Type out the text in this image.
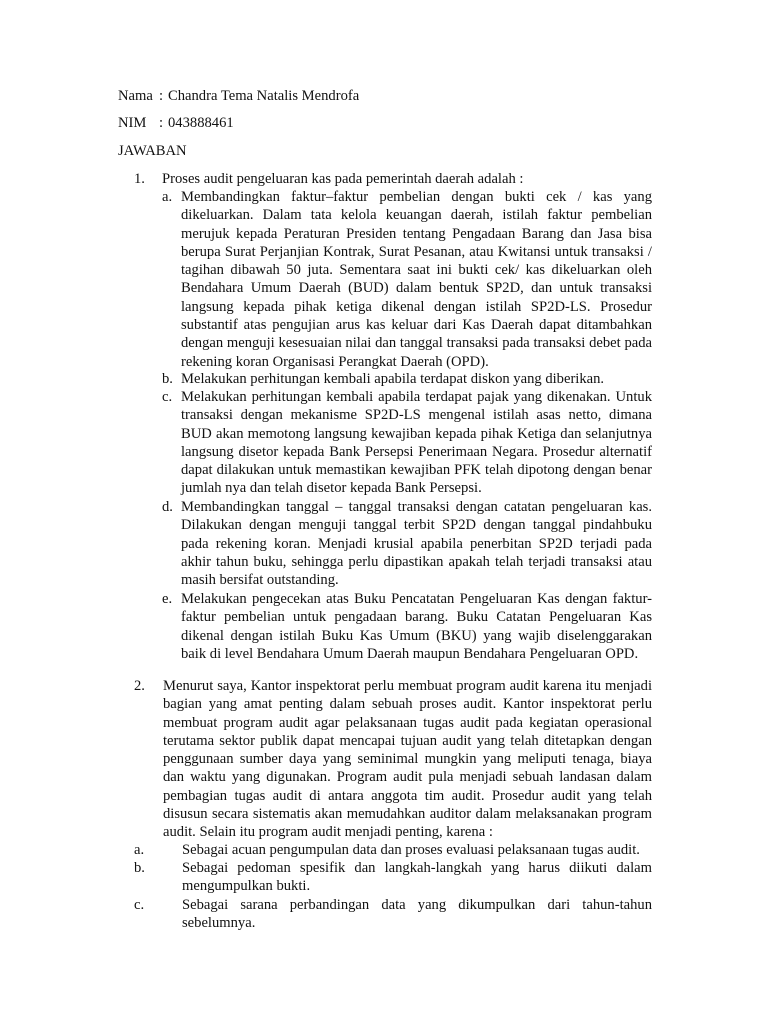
Nama : Chandra Tema Natalis Mendrofa
NIM : 043888461
JAWABAN
1.	Proses audit pengeluaran kas pada pemerintah daerah adalah :
a. Membandingkan faktur–faktur pembelian dengan bukti cek / kas yang dikeluarkan. Dalam tata kelola keuangan daerah, istilah faktur pembelian merujuk kepada Peraturan Presiden tentang Pengadaan Barang dan Jasa bisa berupa Surat Perjanjian Kontrak, Surat Pesanan, atau Kwitansi untuk transaksi / tagihan dibawah 50 juta. Sementara saat ini bukti cek/ kas dikeluarkan oleh Bendahara Umum Daerah (BUD) dalam bentuk SP2D, dan untuk transaksi langsung kepada pihak ketiga dikenal dengan istilah SP2D-LS. Prosedur substantif atas pengujian arus kas keluar dari Kas Daerah dapat ditambahkan dengan menguji kesesuaian nilai dan tanggal transaksi pada transaksi debet pada rekening koran Organisasi Perangkat Daerah (OPD).
b. Melakukan perhitungan kembali apabila terdapat diskon yang diberikan.
c. Melakukan perhitungan kembali apabila terdapat pajak yang dikenakan. Untuk transaksi dengan mekanisme SP2D-LS mengenal istilah asas netto, dimana BUD akan memotong langsung kewajiban kepada pihak Ketiga dan selanjutnya langsung disetor kepada Bank Persepsi Penerimaan Negara. Prosedur alternatif dapat dilakukan untuk memastikan kewajiban PFK telah dipotong dengan benar jumlah nya dan telah disetor kepada Bank Persepsi.
d. Membandingkan tanggal – tanggal transaksi dengan catatan pengeluaran kas. Dilakukan dengan menguji tanggal terbit SP2D dengan tanggal pindahbuku pada rekening koran. Menjadi krusial apabila penerbitan SP2D terjadi pada akhir tahun buku, sehingga perlu dipastikan apakah telah terjadi transaksi atau masih bersifat outstanding.
e. Melakukan pengecekan atas Buku Pencatatan Pengeluaran Kas dengan faktur-faktur pembelian untuk pengadaan barang. Buku Catatan Pengeluaran Kas dikenal dengan istilah Buku Kas Umum (BKU) yang wajib diselenggarakan baik di level Bendahara Umum Daerah maupun Bendahara Pengeluaran OPD.
2.	Menurut saya, Kantor inspektorat perlu membuat program audit karena itu menjadi bagian yang amat penting dalam sebuah proses audit. Kantor inspektorat perlu membuat program audit agar pelaksanaan tugas audit pada kegiatan operasional terutama sektor publik dapat mencapai tujuan audit yang telah ditetapkan dengan penggunaan sumber daya yang seminimal mungkin yang meliputi tenaga, biaya dan waktu yang digunakan. Program audit pula menjadi sebuah landasan dalam pembagian tugas audit di antara anggota tim audit. Prosedur audit yang telah disusun secara sistematis akan memudahkan auditor dalam melaksanakan program audit. Selain itu program audit menjadi penting, karena :
a.	Sebagai acuan pengumpulan data dan proses evaluasi pelaksanaan tugas audit.
b.	Sebagai pedoman spesifik dan langkah-langkah yang harus diikuti dalam mengumpulkan bukti.
c.	Sebagai sarana perbandingan data yang dikumpulkan dari tahun-tahun sebelumnya.
